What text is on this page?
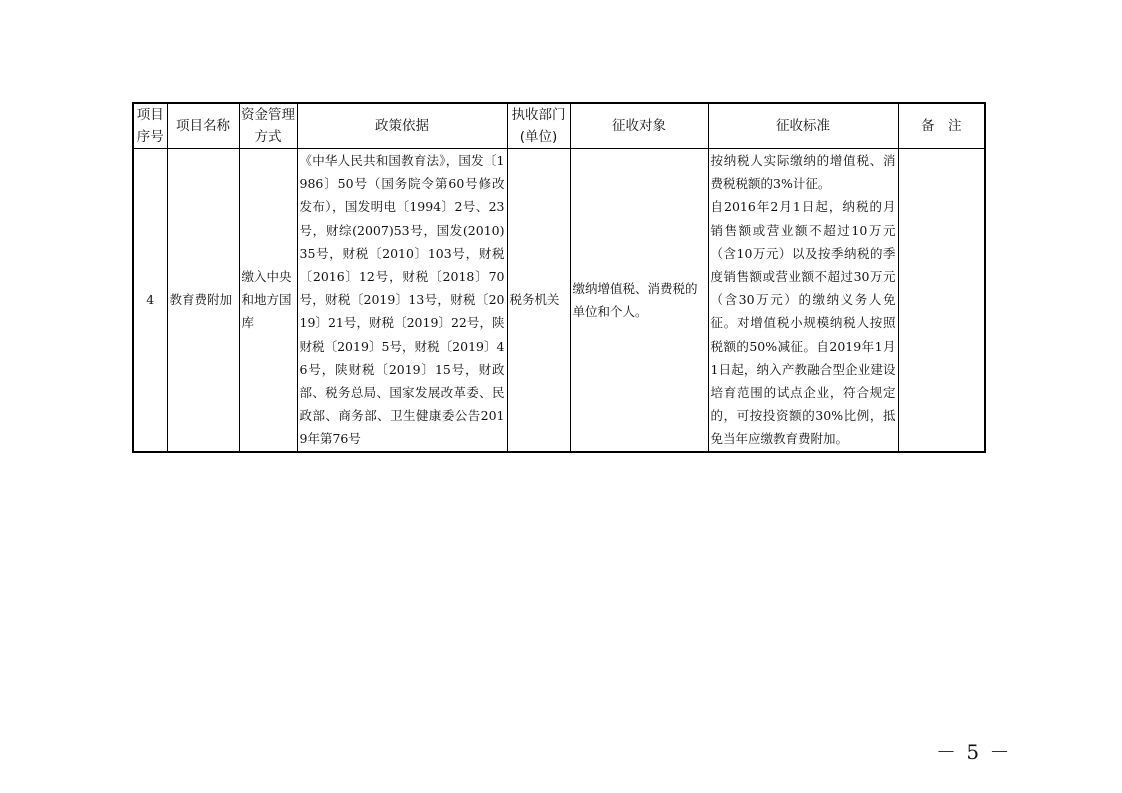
项目序号	项目名称	资金管理方式	政策依据	执收部门(单位)	征收对象	征收标准	备　注
4	教育费附加	缴入中央和地方国库	《中华人民共和国教育法》，国发〔1986〕50号（国务院令第60号修改发布），国发明电〔1994〕2号、23号，财综(2007)53号，国发(2010)35号，财税〔2010〕103号，财税〔2016〕12号，财税〔2018〕70号，财税〔2019〕13号，财税〔2019〕21号，财税〔2019〕22号，陕财税〔2019〕5号，财税〔2019〕46号，陕财税〔2019〕15号，财政部、税务总局、国家发展改革委、民政部、商务部、卫生健康委公告2019年第76号	税务机关	缴纳增值税、消费税的单位和个人。	按纳税人实际缴纳的增值税、消费税税额的3%计征。
自2016年2月1日起，纳税的月销售额或营业额不超过10万元（含10万元）以及按季纳税的季度销售额或营业额不超过30万元（含30万元）的缴纳义务人免征。对增值税小规模纳税人按照税额的50%减征。自2019年1月1日起，纳入产教融合型企业建设培育范围的试点企业，符合规定的，可按投资额的30%比例，抵免当年应缴教育费附加。	

－ 5 －
